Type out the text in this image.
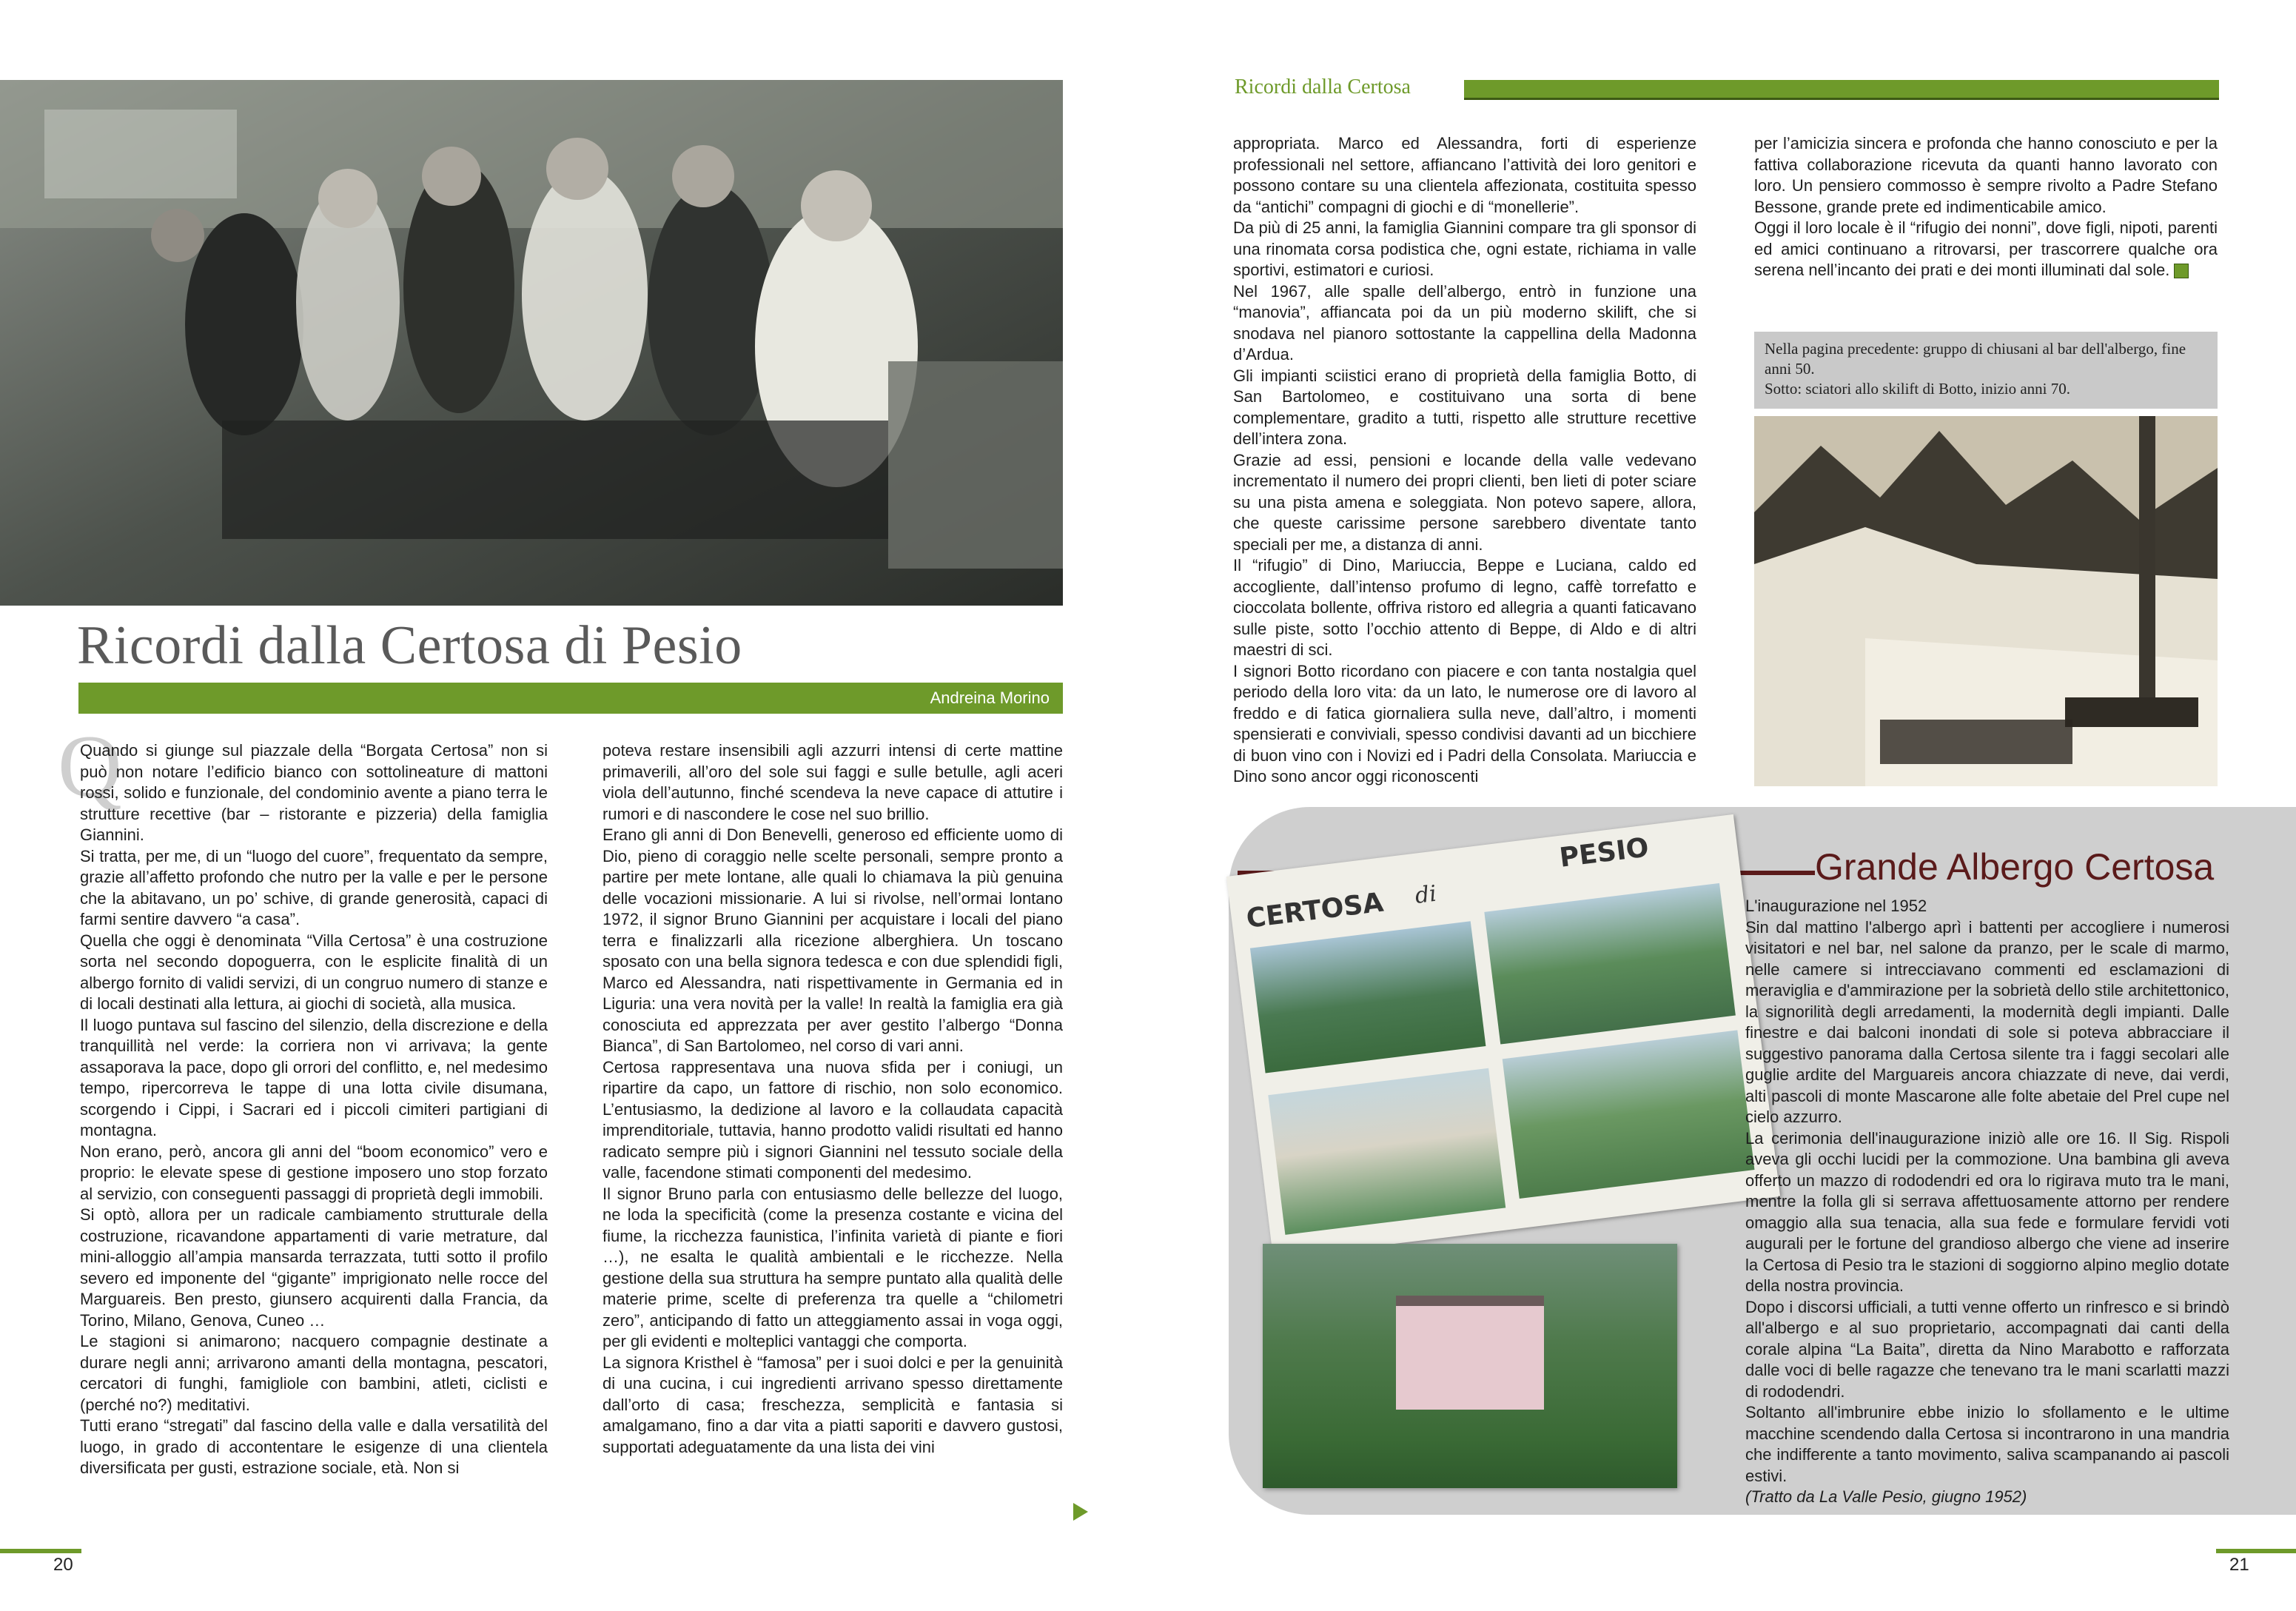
Ricordi dalla Certosa di Pesio
Andreina Morino
Q

Quando si giunge sul piazzale della “Borgata Certosa” non si può non notare l’edificio bianco con sottolineature di mattoni rossi, solido e funzionale, del condominio avente a piano terra le strutture recettive (bar – ristorante e pizzeria) della famiglia Giannini.

Si tratta, per me, di un “luogo del cuore”, frequentato da sempre, grazie all’affetto profondo che nutro per la valle e per le persone che la abitavano, un po’ schive, di grande generosità, capaci di farmi sentire davvero “a casa”.

Quella che oggi è denominata “Villa Certosa” è una costruzione sorta nel secondo dopoguerra, con le esplicite finalità di un albergo fornito di validi servizi, di un congruo numero di stanze e di locali destinati alla lettura, ai giochi di società, alla musica.

Il luogo puntava sul fascino del silenzio, della discrezione e della tranquillità nel verde: la corriera non vi arrivava; la gente assaporava la pace, dopo gli orrori del conflitto, e, nel medesimo tempo, ripercorreva le tappe di una lotta civile disumana, scorgendo i Cippi, i Sacrari ed i piccoli cimiteri partigiani di montagna.

Non erano, però, ancora gli anni del “boom economico” vero e proprio: le elevate spese di gestione imposero uno stop forzato al servizio, con conseguenti passaggi di proprietà degli immobili.

Si optò, allora per un radicale cambiamento strutturale della costruzione, ricavandone appartamenti di varie metrature, dal mini-alloggio all’ampia mansarda terrazzata, tutti sotto il profilo severo ed imponente del “gigante” imprigionato nelle rocce del Marguareis. Ben presto, giunsero acquirenti dalla Francia, da Torino, Milano, Genova, Cuneo …

Le stagioni si animarono; nacquero compagnie destinate a durare negli anni; arrivarono amanti della montagna, pescatori, cercatori di funghi, famigliole con bambini, atleti, ciclisti e (perché no?) meditativi.

Tutti erano “stregati” dal fascino della valle e dalla versatilità del luogo, in grado di accontentare le esigenze di una clientela diversificata per gusti, estrazione sociale, età. Non si

poteva restare insensibili agli azzurri intensi di certe mattine primaverili, all’oro del sole sui faggi e sulle betulle, agli aceri viola dell’autunno, finché scendeva la neve capace di attutire i rumori e di nascondere le cose nel suo brillio.

Erano gli anni di Don Benevelli, generoso ed efficiente uomo di Dio, pieno di coraggio nelle scelte personali, sempre pronto a partire per mete lontane, alle quali lo chiamava la più genuina delle vocazioni missionarie. A lui si rivolse, nell’ormai lontano 1972, il signor Bruno Giannini per acquistare i locali del piano terra e finalizzarli alla ricezione alberghiera. Un toscano sposato con una bella signora tedesca e con due splendidi figli, Marco ed Alessandra, nati rispettivamente in Germania ed in Liguria: una vera novità per la valle! In realtà la famiglia era già conosciuta ed apprezzata per aver gestito l’albergo “Donna Bianca”, di San Bartolomeo, nel corso di vari anni.

Certosa rappresentava una nuova sfida per i coniugi, un ripartire da capo, un fattore di rischio, non solo economico. L’entusiasmo, la dedizione al lavoro e la collaudata capacità imprenditoriale, tuttavia, hanno prodotto validi risultati ed hanno radicato sempre più i signori Giannini nel tessuto sociale della valle, facendone stimati componenti del medesimo.

Il signor Bruno parla con entusiasmo delle bellezze del luogo, ne loda la specificità (come la presenza costante e vicina del fiume, la ricchezza faunistica, l’infinita varietà di piante e fiori …), ne esalta le qualità ambientali e le ricchezze. Nella gestione della sua struttura ha sempre puntato alla qualità delle materie prime, scelte di preferenza tra quelle a “chilometri zero”, anticipando di fatto un atteggiamento assai in voga oggi, per gli evidenti e molteplici vantaggi che comporta.

La signora Kristhel è “famosa” per i suoi dolci e per la genuinità di una cucina, i cui ingredienti arrivano spesso direttamente dall’orto di casa; freschezza, semplicità e fantasia si amalgamano, fino a dar vita a piatti saporiti e davvero gustosi, supportati adeguatamente da una lista dei vini

20
Ricordi dalla Certosa

appropriata. Marco ed Alessandra, forti di esperienze professionali nel settore, affiancano l’attività dei loro genitori e possono contare su una clientela affezionata, costituita spesso da “antichi” compagni di giochi e di “monellerie”.

Da più di 25 anni, la famiglia Giannini compare tra gli sponsor di una rinomata corsa podistica che, ogni estate, richiama in valle sportivi, estimatori e curiosi.

Nel 1967, alle spalle dell’albergo, entrò in funzione una “manovia”, affiancata poi da un più moderno skilift, che si snodava nel pianoro sottostante la cappellina della Madonna d’Ardua.

Gli impianti sciistici erano di proprietà della famiglia Botto, di San Bartolomeo, e costituivano una sorta di bene complementare, gradito a tutti, rispetto alle strutture recettive dell’intera zona.

Grazie ad essi, pensioni e locande della valle vedevano incrementato il numero dei propri clienti, ben lieti di poter sciare su una pista amena e soleggiata. Non potevo sapere, allora, che queste carissime persone sarebbero diventate tanto speciali per me, a distanza di anni.

Il “rifugio” di Dino, Mariuccia, Beppe e Luciana, caldo ed accogliente, dall’intenso profumo di legno, caffè torrefatto e cioccolata bollente, offriva ristoro ed allegria a quanti faticavano sulle piste, sotto l’occhio attento di Beppe, di Aldo e di altri maestri di sci.

I signori Botto ricordano con piacere e con tanta nostalgia quel periodo della loro vita: da un lato, le numerose ore di lavoro al freddo e di fatica giornaliera sulla neve, dall’altro, i momenti spensierati e conviviali, spesso condivisi davanti ad un bicchiere di buon vino con i Novizi ed i Padri della Consolata. Mariuccia e Dino sono ancor oggi riconoscenti

per l’amicizia sincera e profonda che hanno conosciuto e per la fattiva collaborazione ricevuta da quanti hanno lavorato con loro. Un pensiero commosso è sempre rivolto a Padre Stefano Bessone, grande prete ed indimenticabile amico.

Oggi il loro locale è il “rifugio dei nonni”, dove figli, nipoti, parenti ed amici continuano a ritrovarsi, per trascorrere qualche ora serena nell’incanto dei prati e dei monti illuminati dal sole.

Nella pagina precedente: gruppo di chiusani al bar dell'albergo, fine anni 50.
Sotto: sciatori allo skilift di Botto, inizio anni 70.
Grande Albergo Certosa
CERTOSA di
PESIO

L'inaugurazione nel 1952

Sin dal mattino l'albergo aprì i battenti per accogliere i numerosi visitatori e nel bar, nel salone da pranzo, per le scale di marmo, nelle camere si intrecciavano commenti ed esclamazioni di meraviglia e d'ammirazione per la sobrietà dello stile architettonico, la signorilità degli arredamenti, la modernità degli impianti. Dalle finestre e dai balconi inondati di sole si poteva abbracciare il suggestivo panorama dalla Certosa silente tra i faggi secolari alle guglie ardite del Marguareis ancora chiazzate di neve, dai verdi, alti pascoli di monte Mascarone alle folte abetaie del Prel cupe nel cielo azzurro.

La cerimonia dell'inaugurazione iniziò alle ore 16. Il Sig. Rispoli aveva gli occhi lucidi per la commozione. Una bambina gli aveva offerto un mazzo di rododendri ed ora lo rigirava muto tra le mani, mentre la folla gli si serrava affettuosamente attorno per rendere omaggio alla sua tenacia, alla sua fede e formulare fervidi voti augurali per le fortune del grandioso albergo che viene ad inserire la Certosa di Pesio tra le stazioni di soggiorno alpino meglio dotate della nostra provincia.

Dopo i discorsi ufficiali, a tutti venne offerto un rinfresco e si brindò all'albergo e al suo proprietario, accompagnati dai canti della corale alpina “La Baita”, diretta da Nino Marabotto e rafforzata dalle voci di belle ragazze che tenevano tra le mani scarlatti mazzi di rododendri.

Soltanto all'imbrunire ebbe inizio lo sfollamento e le ultime macchine scendendo dalla Certosa si incontrarono in una mandria che indifferente a tanto movimento, saliva scampanando ai pascoli estivi.

(Tratto da La Valle Pesio, giugno 1952)

21
